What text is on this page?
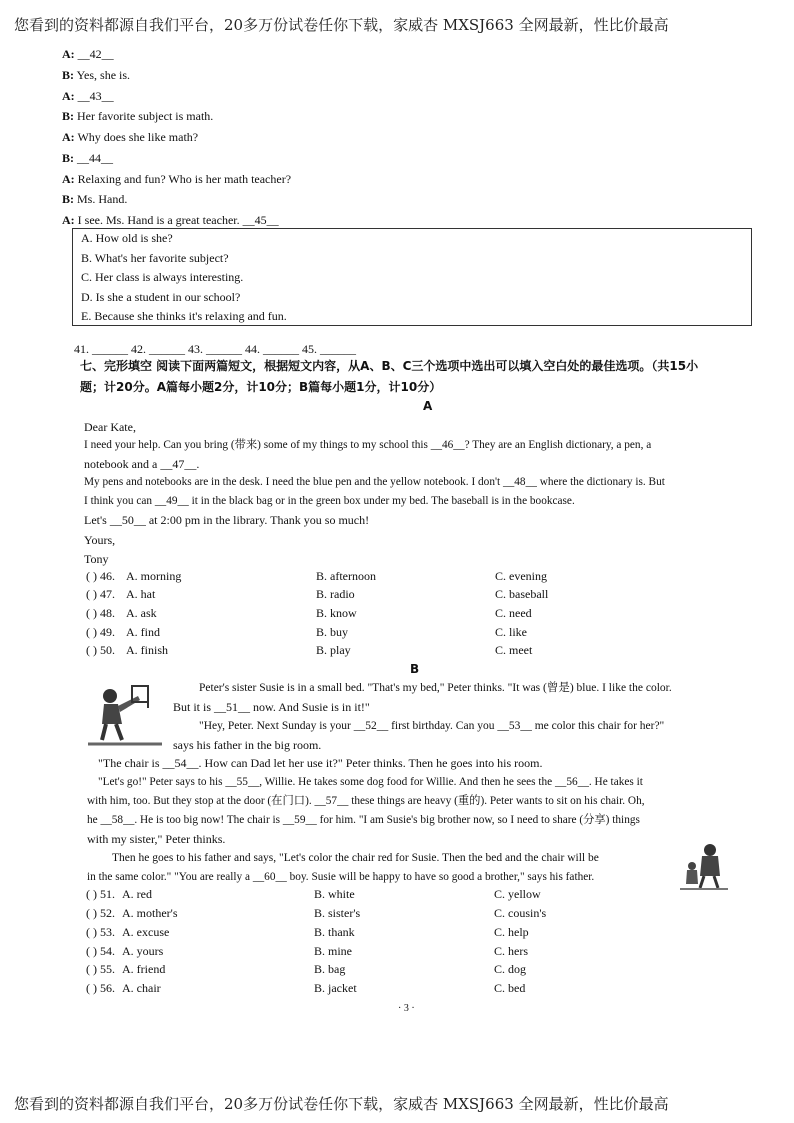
您看到的资料都源自我们平台，20多万份试卷任你下载，家威杏 MXSJ663 全网最新，性比价最高
A: __42__
B: Yes, she is.
A: __43__
B: Her favorite subject is math.
A: Why does she like math?
B: __44__
A: Relaxing and fun? Who is her math teacher?
B: Ms. Hand.
A: I see. Ms. Hand is a great teacher. __45__
A. How old is she?
B. What's her favorite subject?
C. Her class is always interesting.
D. Is she a student in our school?
E. Because she thinks it's relaxing and fun.
41. ______ 42. ______ 43. ______ 44. ______ 45. ______
七、完形填空 阅读下面两篇短文，根据短文内容，从A、B、C三个选项中选出可以填入空白处的最佳选项。（共15小
题；计20分。A篇每小题2分，计10分；B篇每小题1分，计10分）
A
Dear Kate,
I need your help. Can you bring (带来) some of my things to my school this __46__? They are an English dictionary, a pen, a
notebook and a __47__.
My pens and notebooks are in the desk. I need the blue pen and the yellow notebook. I don't __48__ where the dictionary is. But
I think you can __49__ it in the black bag or in the green box under my bed. The baseball is in the bookcase.
Let's __50__ at 2:00 pm in the library. Thank you so much!
Yours,
Tony
( ) 46. A. morning	B. afternoon	C. evening
( ) 47. A. hat	B. radio	C. baseball
( ) 48. A. ask	B. know	C. need
( ) 49. A. find	B. buy	C. like
( ) 50. A. finish	B. play	C. meet
B
Peter's sister Susie is in a small bed. "That's my bed," Peter thinks. "It was (曾是) blue. I like the color.
But it is __51__ now. And Susie is in it!"
"Hey, Peter. Next Sunday is your __52__ first birthday. Can you __53__ me color this chair for her?"
says his father in the big room.
"The chair is __54__. How can Dad let her use it?" Peter thinks. Then he goes into his room.
"Let's go!" Peter says to his __55__, Willie. He takes some dog food for Willie. And then he sees the __56__. He takes it
with him, too. But they stop at the door (在门口). __57__ these things are heavy (重的). Peter wants to sit on his chair. Oh,
he __58__. He is too big now! The chair is __59__ for him. "I am Susie's big brother now, so I need to share (分享) things
with my sister," Peter thinks.
Then he goes to his father and says, "Let's color the chair red for Susie. Then the bed and the chair will be
in the same color." "You are really a __60__ boy. Susie will be happy to have so good a brother," says his father.
( ) 51. A. red	B. white	C. yellow
( ) 52. A. mother's	B. sister's	C. cousin's
( ) 53. A. excuse	B. thank	C. help
( ) 54. A. yours	B. mine	C. hers
( ) 55. A. friend	B. bag	C. dog
( ) 56. A. chair	B. jacket	C. bed
· 3 ·
您看到的资料都源自我们平台，20多万份试卷任你下载，家威杏 MXSJ663 全网最新，性比价最高
